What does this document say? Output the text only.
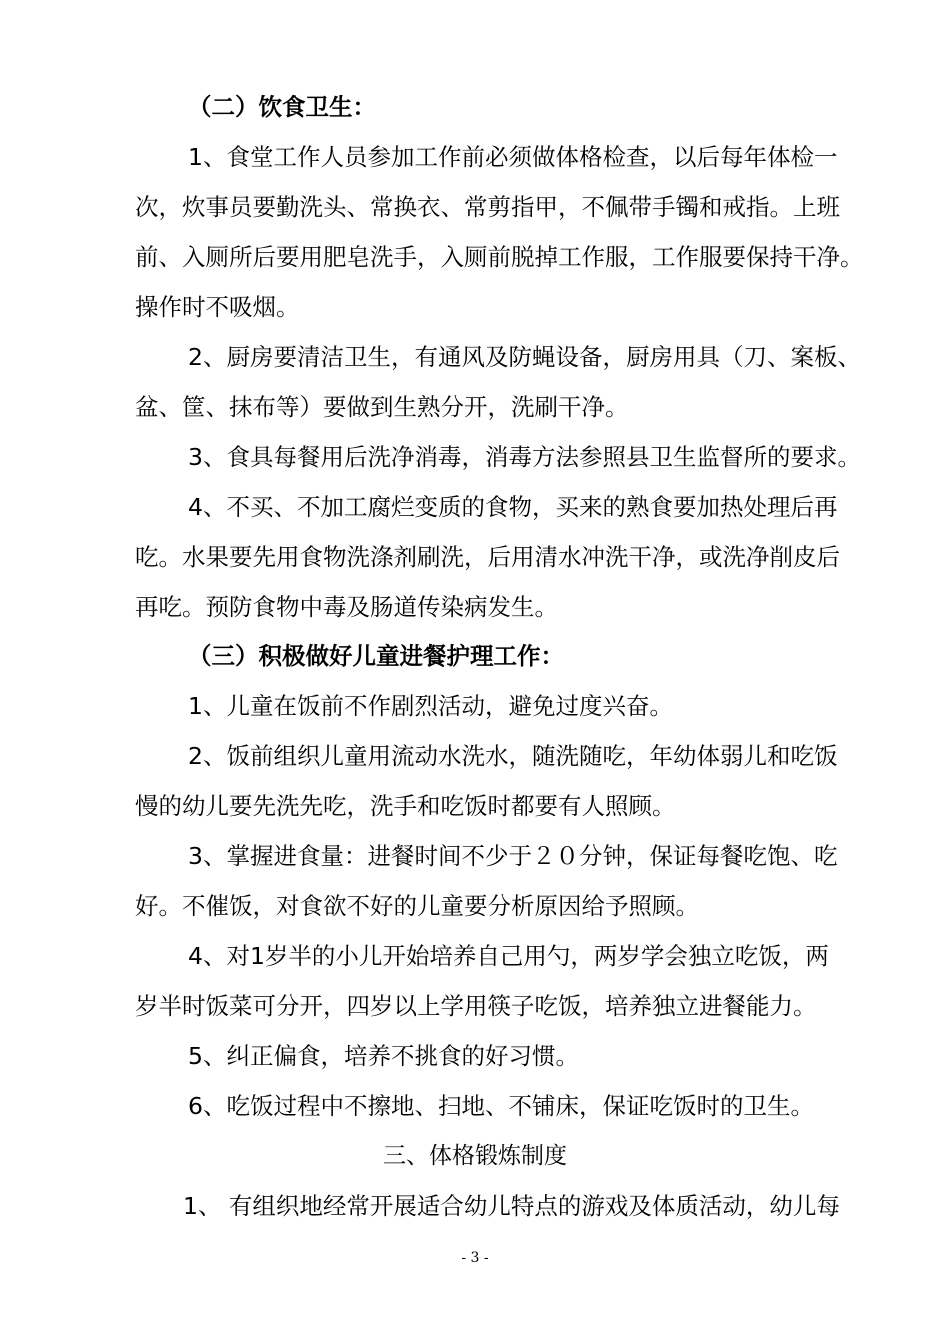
（二）饮食卫生：
1、食堂工作人员参加工作前必须做体格检查，以后每年体检一
次，炊事员要勤洗头、常换衣、常剪指甲，不佩带手镯和戒指。上班
前、入厕所后要用肥皂洗手，入厕前脱掉工作服，工作服要保持干净。
操作时不吸烟。
2、厨房要清洁卫生，有通风及防蝇设备，厨房用具（刀、案板、
盆、筐、抹布等）要做到生熟分开，洗刷干净。
3、食具每餐用后洗净消毒，消毒方法参照县卫生监督所的要求。
4、不买、不加工腐烂变质的食物，买来的熟食要加热处理后再
吃。水果要先用食物洗涤剂刷洗，后用清水冲洗干净，或洗净削皮后
再吃。预防食物中毒及肠道传染病发生。
（三）积极做好儿童进餐护理工作：
1、儿童在饭前不作剧烈活动，避免过度兴奋。
2、饭前组织儿童用流动水洗水，随洗随吃，年幼体弱儿和吃饭
慢的幼儿要先洗先吃，洗手和吃饭时都要有人照顾。
3、掌握进食量：进餐时间不少于２０分钟，保证每餐吃饱、吃
好。不催饭，对食欲不好的儿童要分析原因给予照顾。
4、对1岁半的小儿开始培养自己用勺，两岁学会独立吃饭，两
岁半时饭菜可分开，四岁以上学用筷子吃饭，培养独立进餐能力。
5、纠正偏食，培养不挑食的好习惯。
6、吃饭过程中不擦地、扫地、不铺床，保证吃饭时的卫生。
三、体格锻炼制度
1、 有组织地经常开展适合幼儿特点的游戏及体质活动，幼儿每
- 3 -
